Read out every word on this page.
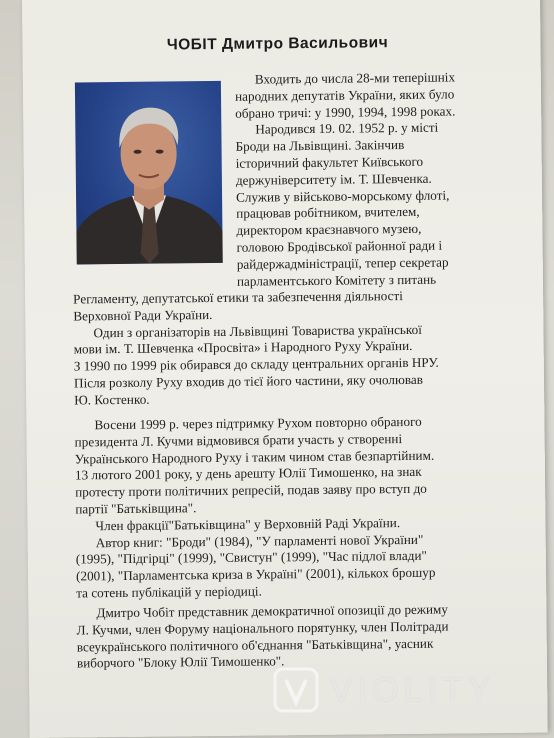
ЧОБІТ Дмитро Васильович
Входить до числа 28-ми теперішніх
народних депутатів України, яких було
обрано тричі: у 1990, 1994, 1998 роках.
Народився 19. 02. 1952 р. у місті
Броди на Львівщині. Закінчив
історичний факультет Київського
держуніверситету ім. Т. Шевченка.
Служив у військово-морському флоті,
працював робітником, вчителем,
директором краєзнавчого музею,
головою Бродівської районної ради і
райдержадміністрації, тепер секретар
парламентського Комітету з питань
Регламенту, депутатської етики та забезпечення діяльності
Верховної Ради України.
Один з організаторів на Львівщині Товариства української
мови ім. Т. Шевченка «Просвіта» і Народного Руху України.
З 1990 по 1999 рік обирався до складу центральних органів НРУ.
Після розколу Руху входив до тієї його частини, яку очолював
Ю. Костенко.
Восени 1999 р. через підтримку Рухом повторно обраного
президента Л. Кучми відмовився брати участь у створенні
Українського Народного Руху і таким чином став безпартійним.
13 лютого 2001 року, у день арешту Юлії Тимошенко, на знак
протесту проти політичних репресій, подав заяву про вступ до
партії "Батьківщина".
Член фракції"Батьківщина" у Верховній Раді України.
Автор книг: "Броди" (1984), "У парламенті нової України"
(1995), "Підгірці" (1999), "Свистун" (1999), "Час підлої влади"
(2001), "Парламентська криза в Україні" (2001), кількох брошур
та сотень публікацій у періодиці.
Дмитро Чобіт представник демократичної опозиції до режиму
Л. Кучми, член Форуму національного порятунку, член Політради
всеукраїнського політичного об'єднання "Батьківщина", уасник
виборчого "Блоку Юлії Тимошенко".
VIOLITY
